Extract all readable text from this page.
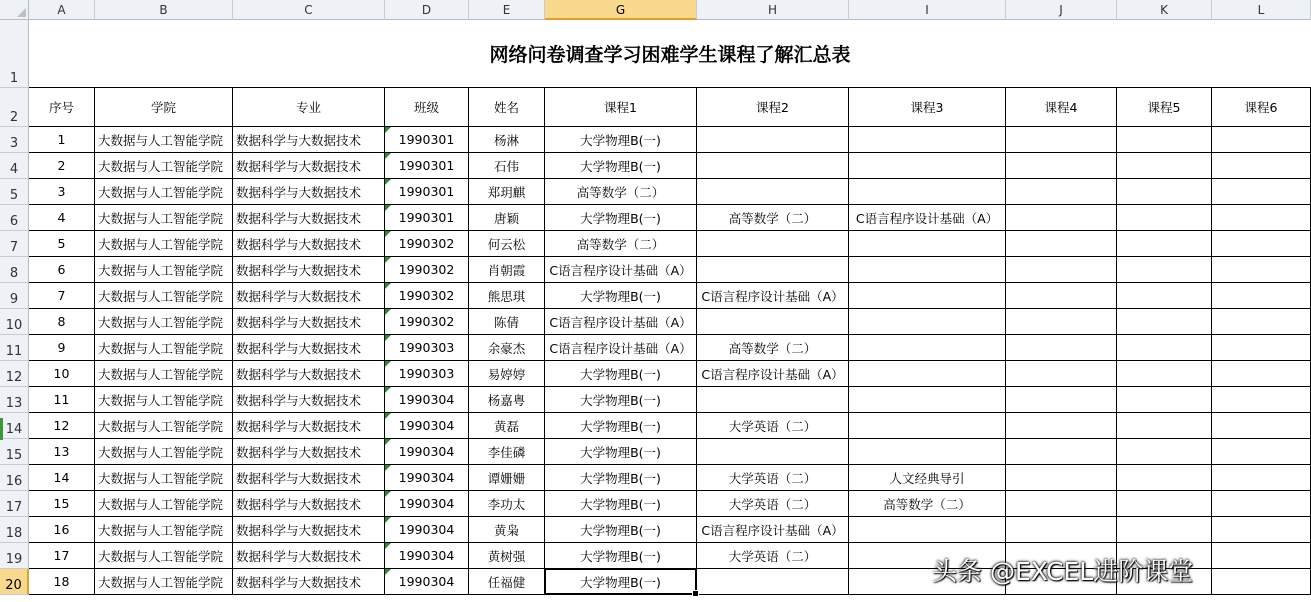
A	B	C	D	E	G	H	I	J	K	L
1
2
3
4
5
6
7
8
9
10
11
12
13
14
15
16
17
18
19
20
网络问卷调查学习困难学生课程了解汇总表
序号	学院	专业	班级	姓名	课程1	课程2	课程3	课程4	课程5	课程6
1	大数据与人工智能学院	数据科学与大数据技术	1990301	杨淋	大学物理B(一)
2	大数据与人工智能学院	数据科学与大数据技术	1990301	石伟	大学物理B(一)
3	大数据与人工智能学院	数据科学与大数据技术	1990301	郑玥麒	高等数学（二）
4	大数据与人工智能学院	数据科学与大数据技术	1990301	唐颖	大学物理B(一)	高等数学（二）	C语言程序设计基础（A）
5	大数据与人工智能学院	数据科学与大数据技术	1990302	何云松	高等数学（二）
6	大数据与人工智能学院	数据科学与大数据技术	1990302	肖朝霞	C语言程序设计基础（A）
7	大数据与人工智能学院	数据科学与大数据技术	1990302	熊思琪	大学物理B(一)	C语言程序设计基础（A）
8	大数据与人工智能学院	数据科学与大数据技术	1990302	陈倩	C语言程序设计基础（A）
9	大数据与人工智能学院	数据科学与大数据技术	1990303	余豪杰	C语言程序设计基础（A）	高等数学（二）
10	大数据与人工智能学院	数据科学与大数据技术	1990303	易婷婷	大学物理B(一)	C语言程序设计基础（A）
11	大数据与人工智能学院	数据科学与大数据技术	1990304	杨嘉粤	大学物理B(一)
12	大数据与人工智能学院	数据科学与大数据技术	1990304	黄磊	大学物理B(一)	大学英语（二）
13	大数据与人工智能学院	数据科学与大数据技术	1990304	李佳磷	大学物理B(一)
14	大数据与人工智能学院	数据科学与大数据技术	1990304	谭姗姗	大学物理B(一)	大学英语（二）	人文经典导引
15	大数据与人工智能学院	数据科学与大数据技术	1990304	李功太	大学物理B(一)	大学英语（二）	高等数学（二）
16	大数据与人工智能学院	数据科学与大数据技术	1990304	黄枭	大学物理B(一)	C语言程序设计基础（A）
17	大数据与人工智能学院	数据科学与大数据技术	1990304	黄树强	大学物理B(一)	大学英语（二）
18	大数据与人工智能学院	数据科学与大数据技术	1990304	任福健	大学物理B(一)	头条 @EXCEL进阶课堂
